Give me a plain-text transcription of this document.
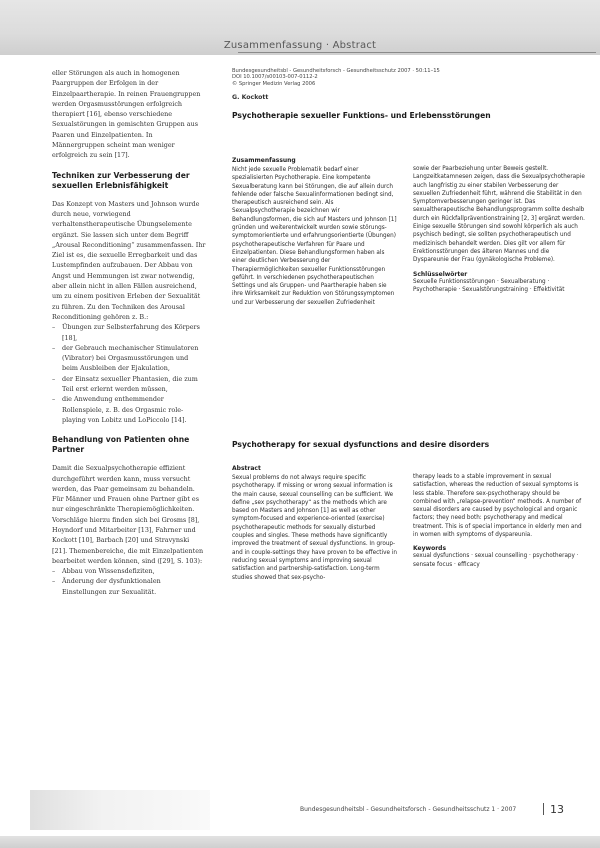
Zusammenfassung · Abstract

eller Störungen als auch in homogenen Paargruppen der Erfolgen in der Einzelpaartherapie. In reinen Frauengruppen werden Orgasmusstörungen erfolgreich therapiert [16], ebenso verschiedene Sexualstörungen in gemischten Gruppen aus Paaren und Einzelpatienten. In Männergruppen scheint man weniger erfolgreich zu sein [17].

Techniken zur Verbesserung der sexuellen Erlebnisfähigkeit

Das Konzept von Masters und Johnson wurde durch neue, vorwiegend verhaltenstherapeutische Übungselemente ergänzt. Sie lassen sich unter dem Begriff „Arousal Reconditioning“ zusammenfassen. Ihr Ziel ist es, die sexuelle Erregbarkeit und das Lustempfinden aufzubauen. Der Abbau von Angst und Hemmungen ist zwar notwendig, aber allein nicht in allen Fällen ausreichend, um zu einem positiven Erleben der Sexualität zu führen. Zu den Techniken des Arousal Reconditioning gehören z. B.:

– Übungen zur Selbsterfahrung des Körpers [18],
– der Gebrauch mechanischer Stimulatoren (Vibrator) bei Orgasmusstörungen und beim Ausbleiben der Ejakulation,
– der Einsatz sexueller Phantasien, die zum Teil erst erlernt werden müssen,
– die Anwendung enthemmender Rollenspiele, z. B. des Orgasmic role-playing von Lobitz und LoPiccolo [14].
Behandlung von Patienten ohne Partner

Damit die Sexualpsychotherapie effizient durchgeführt werden kann, muss versucht werden, das Paar gemeinsam zu behandeln. Für Männer und Frauen ohne Partner gibt es nur eingeschränkte Therapiemöglichkeiten. Vorschläge hierzu finden sich bei Grosms [8], Hoyndorf und Mitarbeiter [13], Fahrner und Kockott [10], Barbach [20] und Stravynski [21]. Themenbereiche, die mit Einzelpatienten bearbeitet werden können, sind ([29], S. 103):

– Abbau von Wissensdefiziten,
– Änderung der dysfunktionalen Einstellungen zur Sexualität.
Bundesgesundheitsbl - Gesundheitsforsch - Gesundheitsschutz 2007 · 50:11–15
DOI 10.1007/s00103-007-0112-2
© Springer Medizin Verlag 2006
G. Kockott
Psychotherapie sexueller Funktions- und Erlebensstörungen
Zusammenfassung

Nicht jede sexuelle Problematik bedarf einer spezialisierten Psychotherapie. Eine kompetente Sexualberatung kann bei Störungen, die auf allein durch fehlende oder falsche Sexualinformationen bedingt sind, therapeutisch ausreichend sein. Als Sexualpsychotherapie bezeichnen wir Behandlungsformen, die sich auf Masters und Johnson [1] gründen und weiterentwickelt wurden sowie störungs-symptomorientierte und erfahrungsorientierte (Übungen) psychotherapeutische Verfahren für Paare und Einzelpatienten. Diese Behandlungsformen haben als einer deutlichen Verbesserung der Therapiermöglichkeiten sexueller Funktionsstörungen geführt. In verschiedenen psychotherapeutischen Settings und als Gruppen- und Paartherapie haben sie ihre Wirksamkeit zur Reduktion von Störungssymptomen und zur Verbesserung der sexuellen Zufriedenheit

sowie der Paarbeziehung unter Beweis gestellt. Langzeitkatamnesen zeigen, dass die Sexualpsychotherapie auch langfristig zu einer stabilen Verbesserung der sexuellen Zufriedenheit führt, während die Stabilität in den Symptomverbesserungen geringer ist. Das sexualtherapeutische Behandlungsprogramm sollte deshalb durch ein Rückfallpräventionstraining [2, 3] ergänzt werden. Einige sexuelle Störungen sind sowohl körperlich als auch psychisch bedingt, sie sollten psychotherapeutisch und medizinisch behandelt werden. Dies gilt vor allem für Erektionsstörungen des älteren Mannes und die Dyspareunie der Frau (gynäkologische Probleme).

Schlüsselwörter

Sexuelle Funktionsstörungen · Sexualberatung · Psychotherapie · Sexualstörungstraining · Effektivität

Psychotherapy for sexual dysfunctions and desire disorders
Abstract

Sexual problems do not always require specific psychotherapy. If missing or wrong sexual information is the main cause, sexual counselling can be sufficient. We define „sex psychotherapy“ as the methods which are based on Masters and Johnson [1] as well as other symptom-focused and experience-oriented (exercise) psychotherapeutic methods for sexually disturbed couples and singles. These methods have significantly improved the treatment of sexual dysfunctions. In group- and in couple-settings they have proven to be effective in reducing sexual symptoms and improving sexual satisfaction and partnership-satisfaction. Long-term studies showed that sex-psycho-

therapy leads to a stable improvement in sexual satisfaction, whereas the reduction of sexual symptoms is less stable. Therefore sex-psychotherapy should be combined with „relapse-prevention“ methods. A number of sexual disorders are caused by psychological and organic factors; they need both: psychotherapy and medical treatment. This is of special importance in elderly men and in women with symptoms of dyspareunia.

Keywords

sexual dysfunctions · sexual counselling · psychotherapy · sensate focus · efficacy

Bundesgesundheitsbl - Gesundheitsforsch - Gesundheitsschutz 1 · 2007	13
